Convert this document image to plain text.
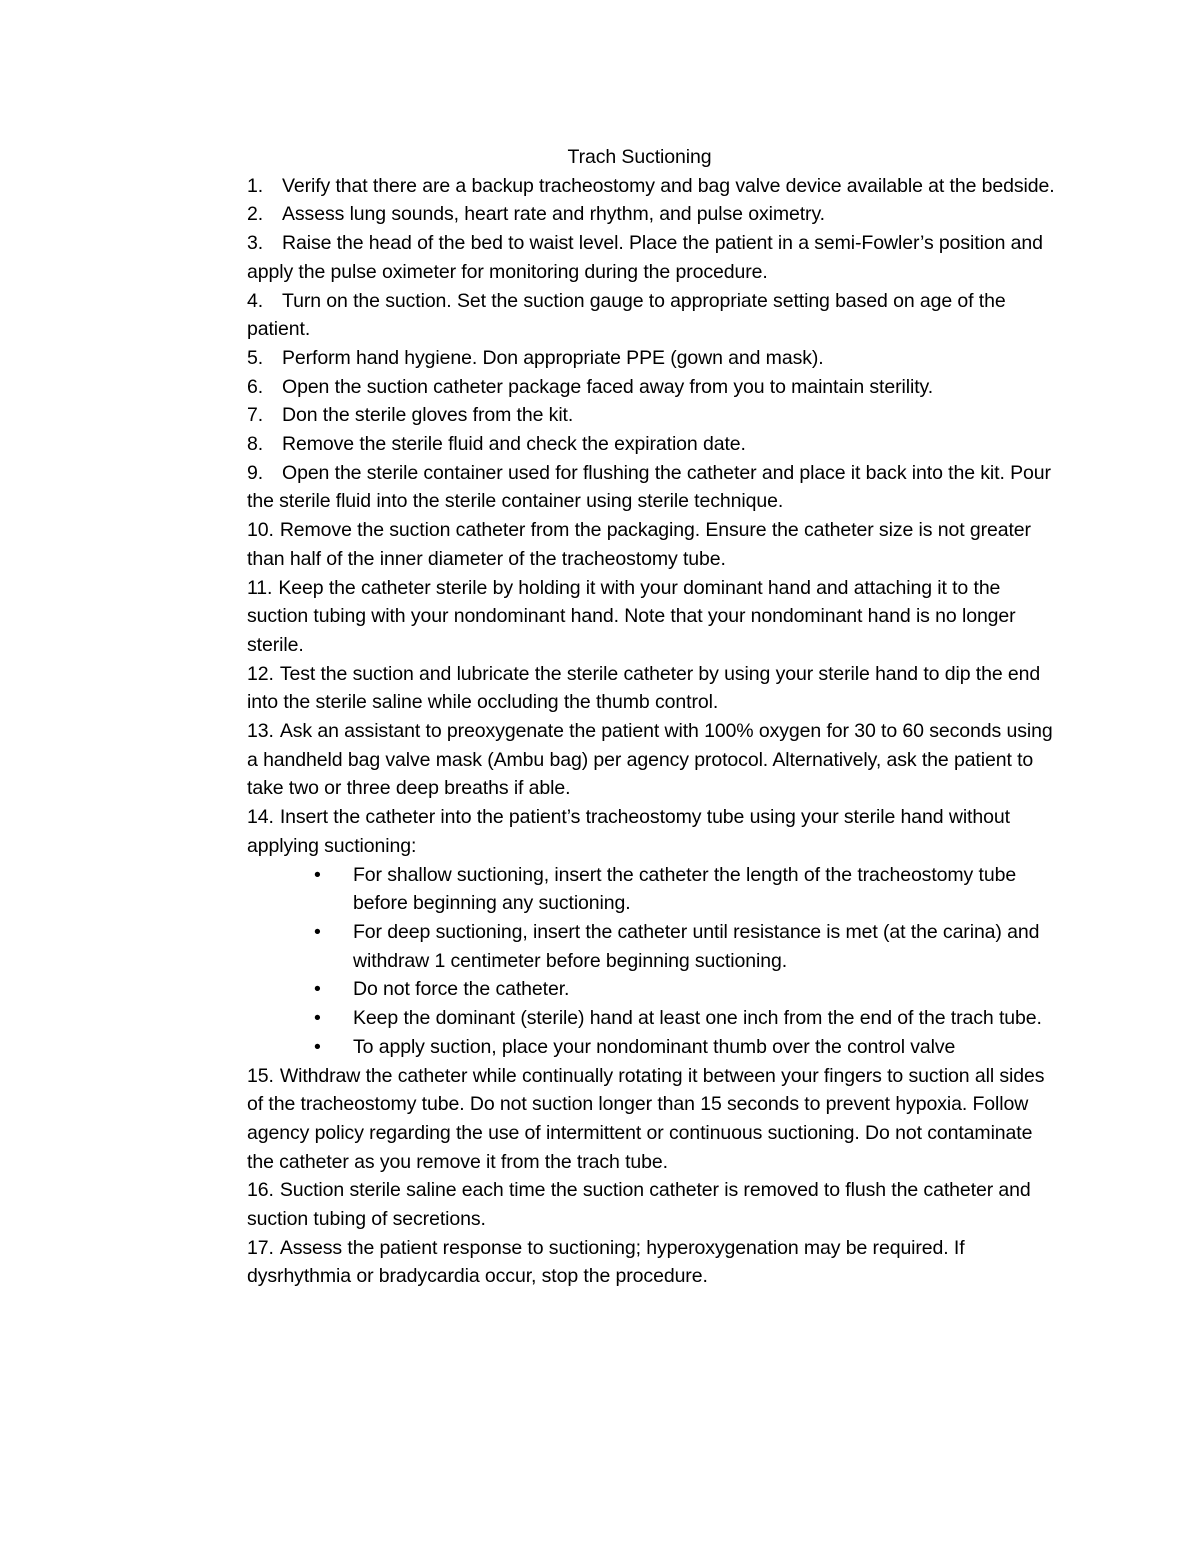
Trach Suctioning
1. Verify that there are a backup tracheostomy and bag valve device available at the bedside.
2. Assess lung sounds, heart rate and rhythm, and pulse oximetry.
3. Raise the head of the bed to waist level. Place the patient in a semi-Fowler’s position and apply the pulse oximeter for monitoring during the procedure.
4. Turn on the suction. Set the suction gauge to appropriate setting based on age of the patient.
5. Perform hand hygiene. Don appropriate PPE (gown and mask).
6. Open the suction catheter package faced away from you to maintain sterility.
7. Don the sterile gloves from the kit.
8. Remove the sterile fluid and check the expiration date.
9. Open the sterile container used for flushing the catheter and place it back into the kit. Pour the sterile fluid into the sterile container using sterile technique.
10. Remove the suction catheter from the packaging. Ensure the catheter size is not greater than half of the inner diameter of the tracheostomy tube.
11. Keep the catheter sterile by holding it with your dominant hand and attaching it to the suction tubing with your nondominant hand. Note that your nondominant hand is no longer sterile.
12. Test the suction and lubricate the sterile catheter by using your sterile hand to dip the end into the sterile saline while occluding the thumb control.
13. Ask an assistant to preoxygenate the patient with 100% oxygen for 30 to 60 seconds using a handheld bag valve mask (Ambu bag) per agency protocol. Alternatively, ask the patient to take two or three deep breaths if able.
14. Insert the catheter into the patient’s tracheostomy tube using your sterile hand without applying suctioning:
•	For shallow suctioning, insert the catheter the length of the tracheostomy tube before beginning any suctioning.
•	For deep suctioning, insert the catheter until resistance is met (at the carina) and withdraw 1 centimeter before beginning suctioning.
•	Do not force the catheter.
•	Keep the dominant (sterile) hand at least one inch from the end of the trach tube.
•	To apply suction, place your nondominant thumb over the control valve
15. Withdraw the catheter while continually rotating it between your fingers to suction all sides of the tracheostomy tube. Do not suction longer than 15 seconds to prevent hypoxia. Follow agency policy regarding the use of intermittent or continuous suctioning. Do not contaminate the catheter as you remove it from the trach tube.
16. Suction sterile saline each time the suction catheter is removed to flush the catheter and suction tubing of secretions.
17. Assess the patient response to suctioning; hyperoxygenation may be required. If dysrhythmia or bradycardia occur, stop the procedure.
